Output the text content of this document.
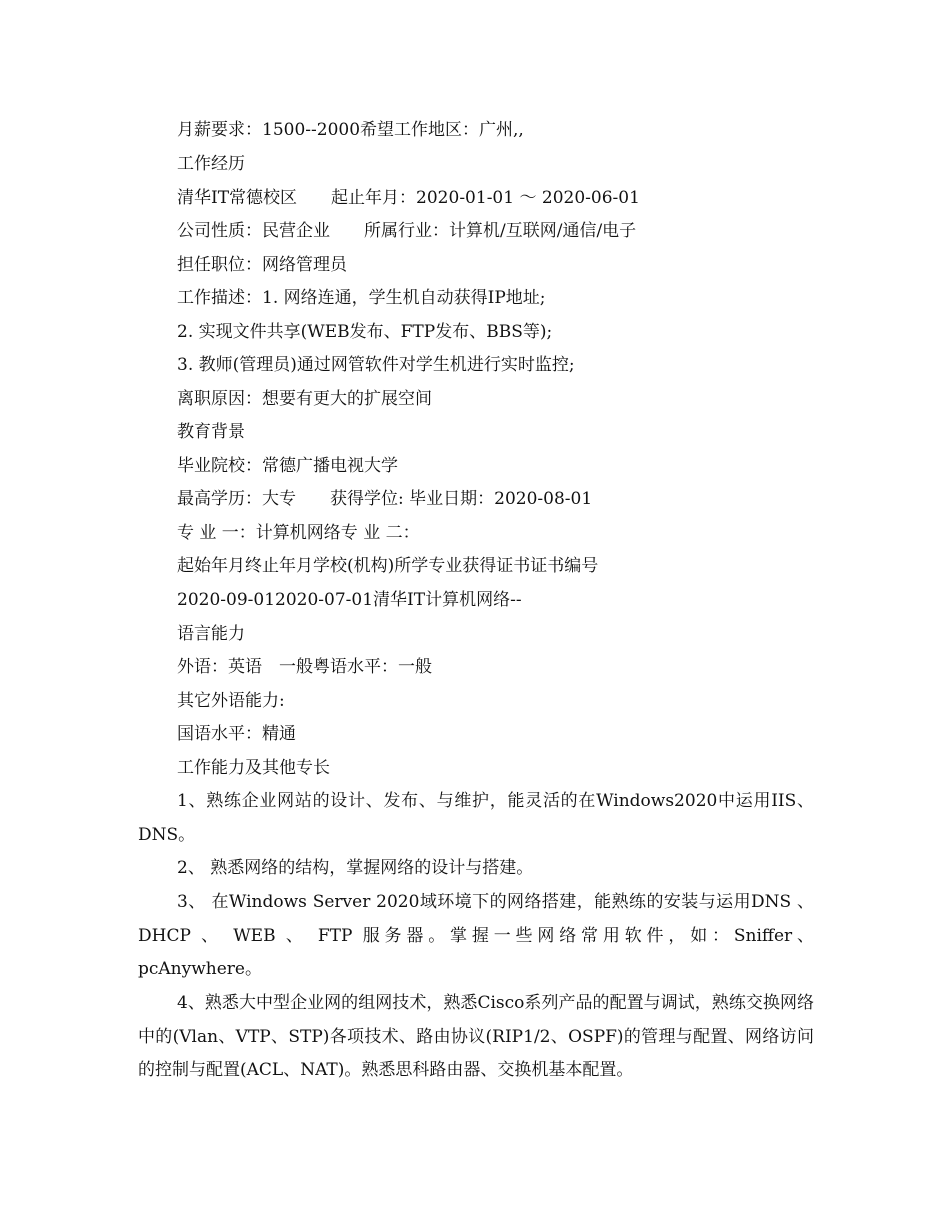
月薪要求：1500--2000希望工作地区：广州,,
工作经历
清华IT常德校区　　起止年月：2020-01-01 ～ 2020-06-01
公司性质：民营企业　　所属行业：计算机/互联网/通信/电子
担任职位：网络管理员
工作描述：1. 网络连通，学生机自动获得IP地址;
2. 实现文件共享(WEB发布、FTP发布、BBS等);
3. 教师(管理员)通过网管软件对学生机进行实时监控;
离职原因：想要有更大的扩展空间
教育背景
毕业院校：常德广播电视大学
最高学历：大专　　获得学位: 毕业日期：2020-08-01
专 业 一：计算机网络专 业 二：
起始年月终止年月学校(机构)所学专业获得证书证书编号
2020-09-012020-07-01清华IT计算机网络--
语言能力
外语：英语　一般粤语水平：一般
其它外语能力:
国语水平：精通
工作能力及其他专长
1、熟练企业网站的设计、发布、与维护，能灵活的在Windows2020中运用IIS、DNS。
2、 熟悉网络的结构，掌握网络的设计与搭建。
3、 在Windows Server 2020域环境下的网络搭建，能熟练的安装与运用DNS 、 DHCP 、 WEB 、 FTP 服务器。掌握一些网络常用软件，如：Sniffer、pcAnywhere。
4、熟悉大中型企业网的组网技术，熟悉Cisco系列产品的配置与调试，熟练交换网络中的(Vlan、VTP、STP)各项技术、路由协议(RIP1/2、OSPF)的管理与配置、网络访问的控制与配置(ACL、NAT)。熟悉思科路由器、交换机基本配置。
